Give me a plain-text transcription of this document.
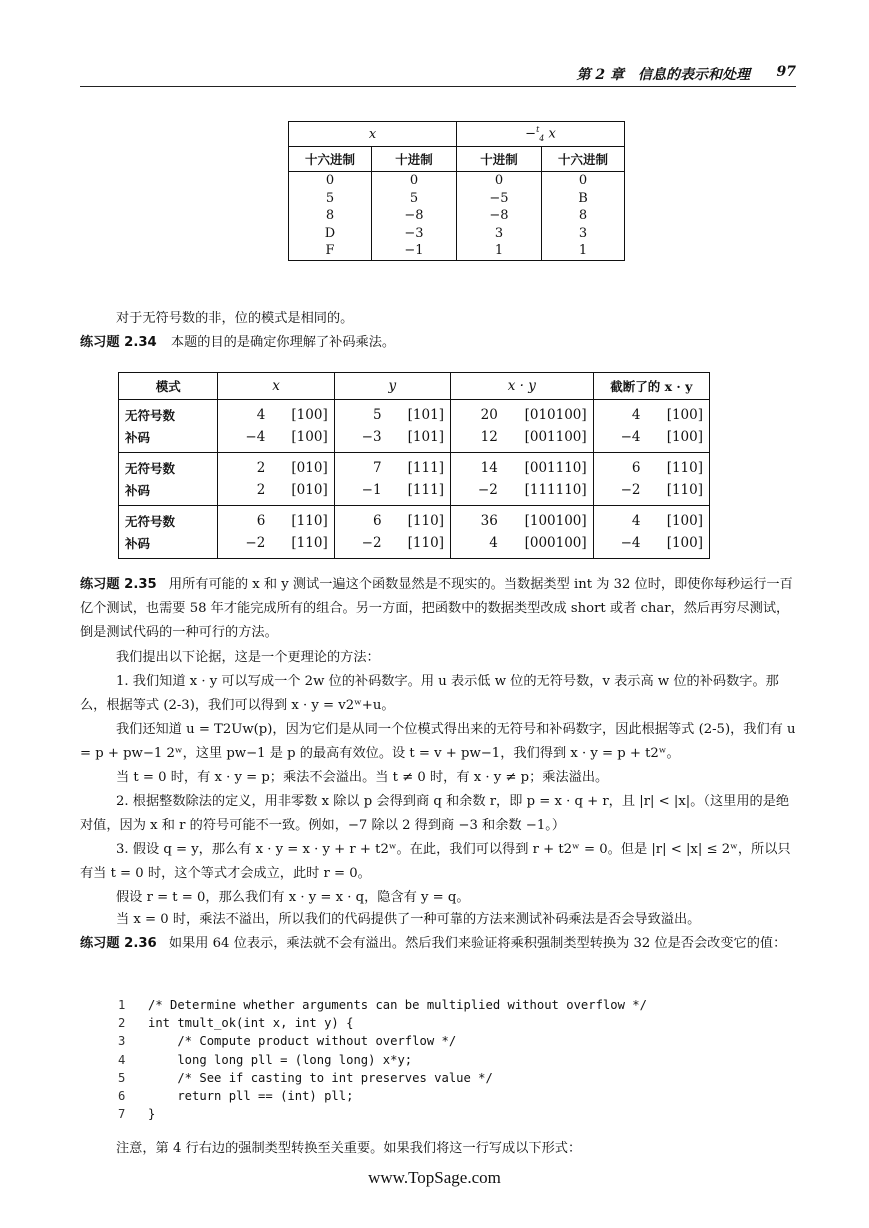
第 2 章　信息的表示和处理 97
x		−$^t_4$ x	
十六进制	十进制	十进制	十六进制
0	0	0	0
5	5	−5	B
8	−8	−8	8
D	−3	3	3
F	−1	1	1
对于无符号数的非，位的模式是相同的。
练习题 2.34 本题的目的是确定你理解了补码乘法。
模式	x		y		x · y		截断了的 x · y	
无符号数	4	[100]	5	[101]	20	[010100]	4	[100]
补码	−4	[100]	−3	[101]	12	[001100]	−4	[100]
无符号数	2	[010]	7	[111]	14	[001110]	6	[110]
补码	2	[010]	−1	[111]	−2	[111110]	−2	[110]
无符号数	6	[110]	6	[110]	36	[100100]	4	[100]
补码	−2	[110]	−2	[110]	4	[000100]	−4	[100]
练习题 2.35 用所有可能的 x 和 y 测试一遍这个函数显然是不现实的。当数据类型 int 为 32 位时，即使你每秒运行一百亿个测试，也需要 58 年才能完成所有的组合。另一方面，把函数中的数据类型改成 short 或者 char，然后再穷尽测试，倒是测试代码的一种可行的方法。
我们提出以下论据，这是一个更理论的方法：
1. 我们知道 x · y 可以写成一个 2w 位的补码数字。用 u 表示低 w 位的无符号数，v 表示高 w 位的补码数字。那么，根据等式 (2-3)，我们可以得到 x · y = v2ʷ+u。
我们还知道 u = T2Uw(p)，因为它们是从同一个位模式得出来的无符号和补码数字，因此根据等式 (2-5)，我们有 u = p + pw−1 2ʷ，这里 pw−1 是 p 的最高有效位。设 t = v + pw−1，我们得到 x · y = p + t2ʷ。
当 t = 0 时，有 x · y = p；乘法不会溢出。当 t ≠ 0 时，有 x · y ≠ p；乘法溢出。
2. 根据整数除法的定义，用非零数 x 除以 p 会得到商 q 和余数 r，即 p = x · q + r，且 |r| < |x|。（这里用的是绝对值，因为 x 和 r 的符号可能不一致。例如，−7 除以 2 得到商 −3 和余数 −1。）
3. 假设 q = y，那么有 x · y = x · y + r + t2ʷ。在此，我们可以得到 r + t2ʷ = 0。但是 |r| < |x| ≤ 2ʷ，所以只有当 t = 0 时，这个等式才会成立，此时 r = 0。
假设 r = t = 0，那么我们有 x · y = x · q，隐含有 y = q。
当 x = 0 时，乘法不溢出，所以我们的代码提供了一种可靠的方法来测试补码乘法是否会导致溢出。
练习题 2.36 如果用 64 位表示，乘法就不会有溢出。然后我们来验证将乘积强制类型转换为 32 位是否会改变它的值：
1 /* Determine whether arguments can be multiplied without overflow */
2 int tmult_ok(int x, int y) {
3    /* Compute product without overflow */
4    long long pll = (long long) x*y;
5    /* See if casting to int preserves value */
6    return pll == (int) pll;
7 }
注意，第 4 行右边的强制类型转换至关重要。如果我们将这一行写成以下形式：
www.TopSage.com
